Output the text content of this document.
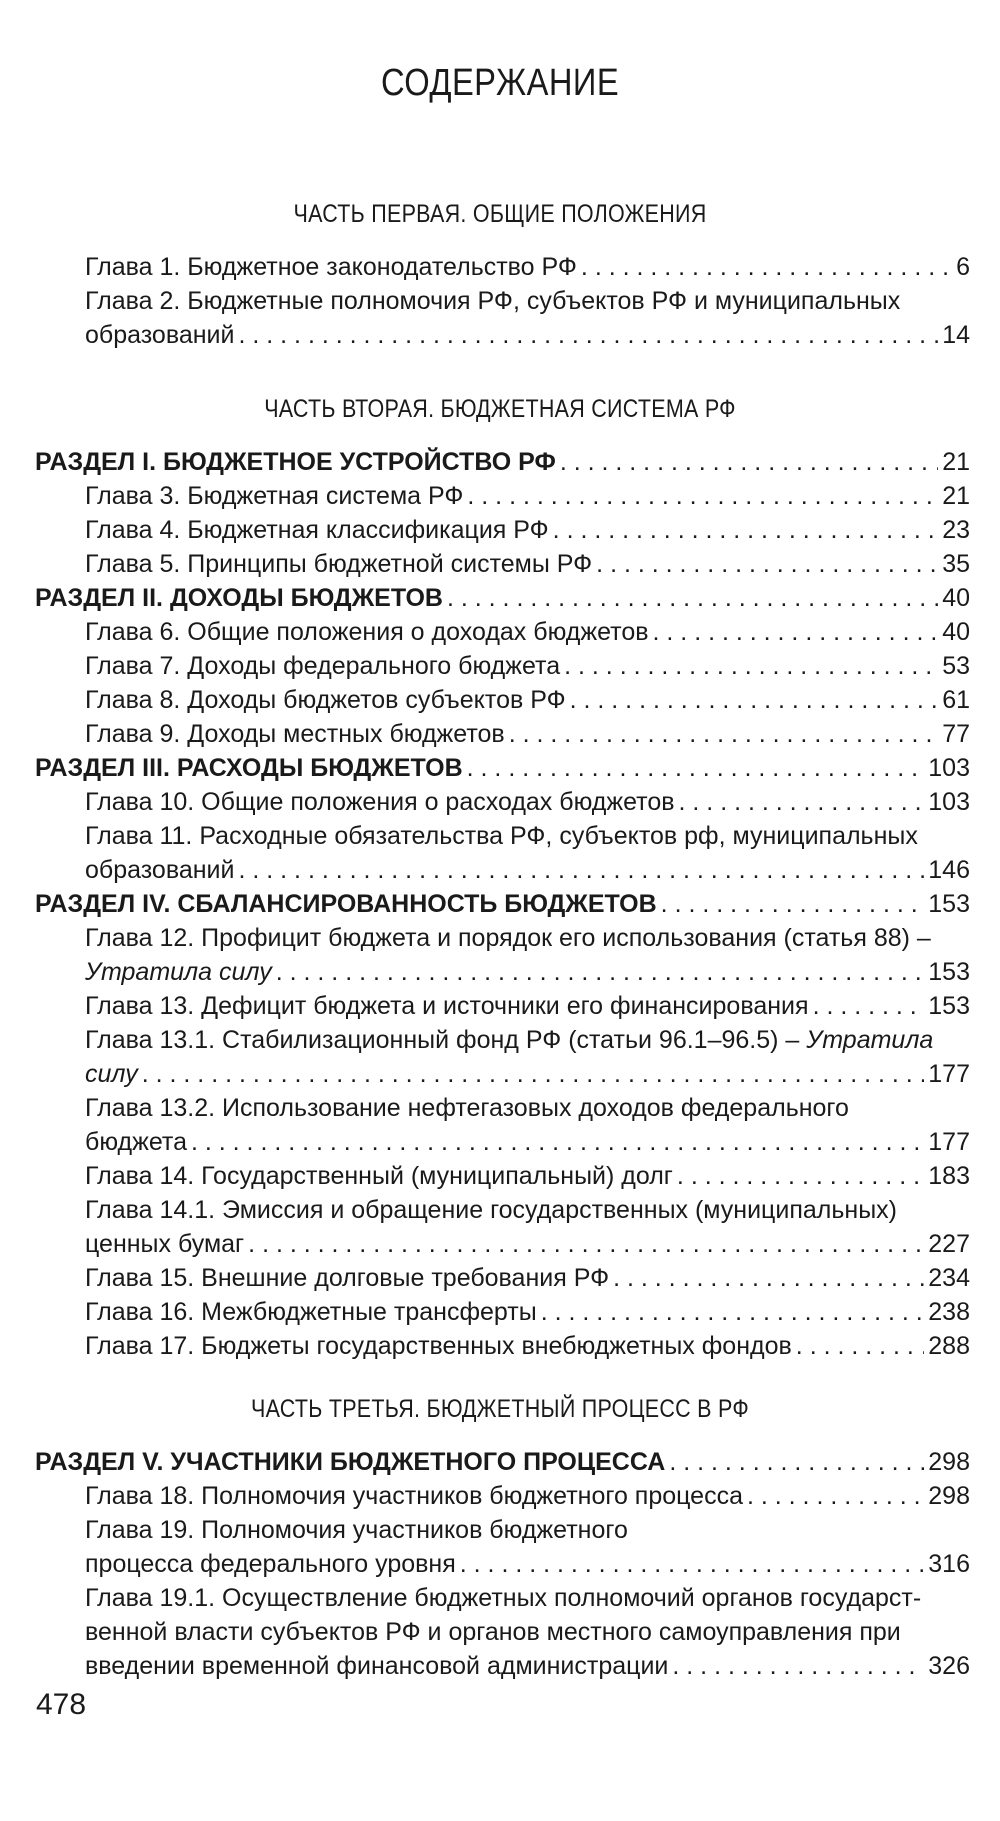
СОДЕРЖАНИЕ
ЧАСТЬ ПЕРВАЯ. ОБЩИЕ ПОЛОЖЕНИЯ
Глава 1. Бюджетное законодательство РФ . . .	6
Глава 2. Бюджетные полномочия РФ, субъектов РФ и муниципальных
образований . . .	14
ЧАСТЬ ВТОРАЯ. БЮДЖЕТНАЯ СИСТЕМА РФ
РАЗДЕЛ I. БЮДЖЕТНОЕ УСТРОЙСТВО РФ . . .	21
Глава 3. Бюджетная система РФ . . .	21
Глава 4. Бюджетная классификация РФ . . .	23
Глава 5. Принципы бюджетной системы РФ . . .	35
РАЗДЕЛ II. ДОХОДЫ БЮДЖЕТОВ . . .	40
Глава 6. Общие положения о доходах бюджетов . . .	40
Глава 7. Доходы федерального бюджета . . .	53
Глава 8. Доходы бюджетов субъектов РФ . . .	61
Глава 9. Доходы местных бюджетов . . .	77
РАЗДЕЛ III. РАСХОДЫ БЮДЖЕТОВ . . .	103
Глава 10. Общие положения о расходах бюджетов . . .	103
Глава 11. Расходные обязательства РФ, субъектов рф, муниципальных
образований . . .	146
РАЗДЕЛ IV. СБАЛАНСИРОВАННОСТЬ БЮДЖЕТОВ . . .	153
Глава 12. Профицит бюджета и порядок его использования (статья 88) –
Утратила силу . . .	153
Глава 13. Дефицит бюджета и источники его финансирования . . .	153
Глава 13.1. Стабилизационный фонд РФ (статьи 96.1–96.5) – Утратила
силу . . .	177
Глава 13.2. Использование нефтегазовых доходов федерального
бюджета . . .	177
Глава 14. Государственный (муниципальный) долг . . .	183
Глава 14.1. Эмиссия и обращение государственных (муниципальных)
ценных бумаг . . .	227
Глава 15. Внешние долговые требования РФ . . .	234
Глава 16. Межбюджетные трансферты . . .	238
Глава 17. Бюджеты государственных внебюджетных фондов . . .	288
ЧАСТЬ ТРЕТЬЯ. БЮДЖЕТНЫЙ ПРОЦЕСС В РФ
РАЗДЕЛ V. УЧАСТНИКИ БЮДЖЕТНОГО ПРОЦЕССА . . .	298
Глава 18. Полномочия участников бюджетного процесса . . .	298
Глава 19. Полномочия участников бюджетного
процесса федерального уровня . . .	316
Глава 19.1. Осуществление бюджетных полномочий органов государст-
венной власти субъектов РФ и органов местного самоуправления при
введении временной финансовой администрации . . .	326
478
